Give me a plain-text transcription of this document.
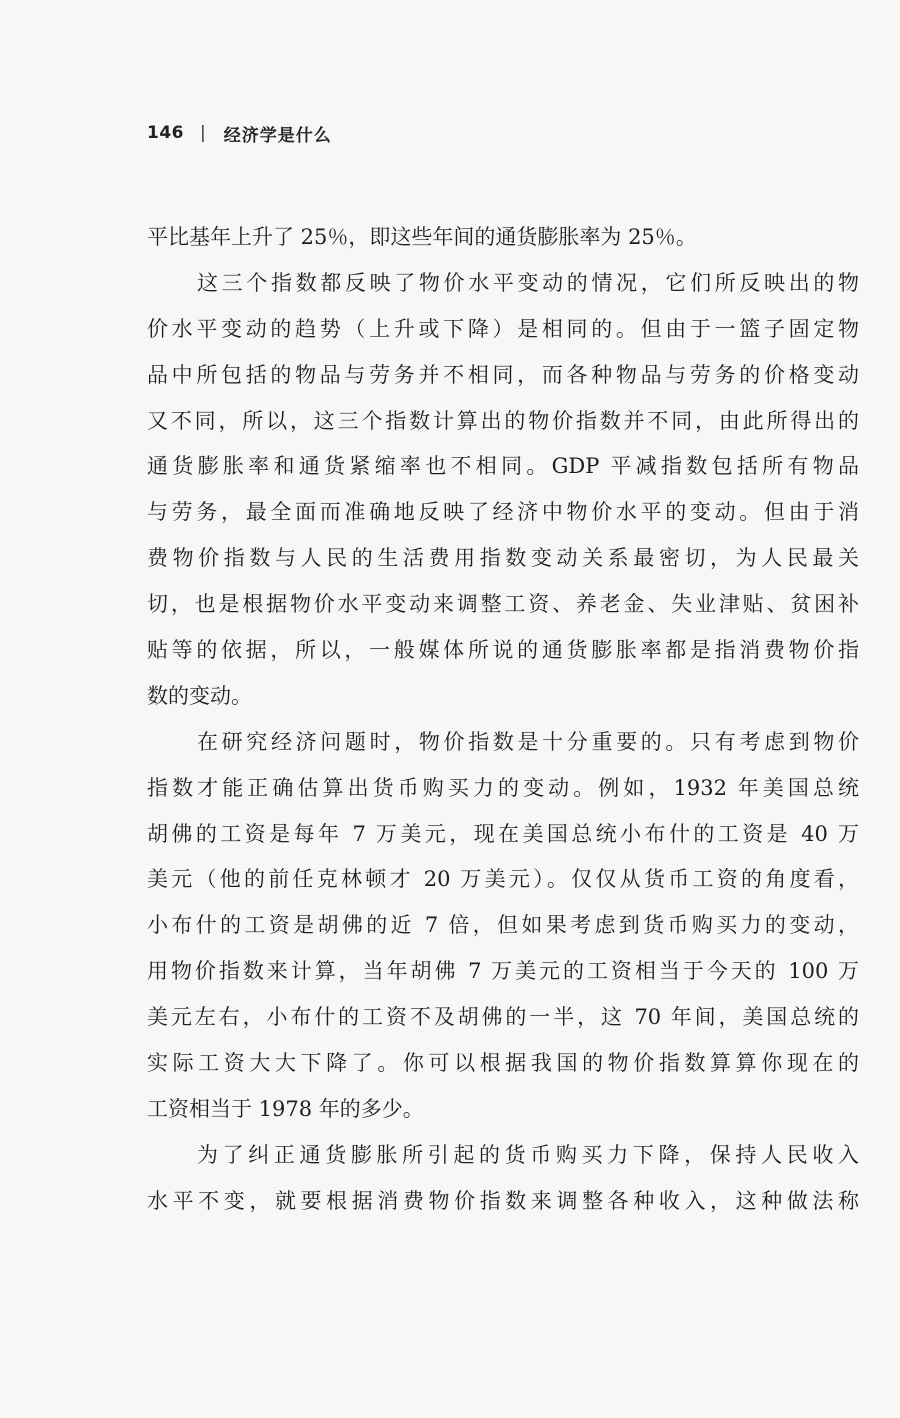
146 | 经济学是什么
平比基年上升了 25％，即这些年间的通货膨胀率为 25％。
这三个指数都反映了物价水平变动的情况，它们所反映出的物
价水平变动的趋势（上升或下降）是相同的。但由于一篮子固定物
品中所包括的物品与劳务并不相同，而各种物品与劳务的价格变动
又不同，所以，这三个指数计算出的物价指数并不同，由此所得出的
通货膨胀率和通货紧缩率也不相同。GDP 平减指数包括所有物品
与劳务，最全面而准确地反映了经济中物价水平的变动。但由于消
费物价指数与人民的生活费用指数变动关系最密切，为人民最关
切，也是根据物价水平变动来调整工资、养老金、失业津贴、贫困补
贴等的依据，所以，一般媒体所说的通货膨胀率都是指消费物价指
数的变动。
在研究经济问题时，物价指数是十分重要的。只有考虑到物价
指数才能正确估算出货币购买力的变动。例如，1932 年美国总统
胡佛的工资是每年 7 万美元，现在美国总统小布什的工资是 40 万
美元（他的前任克林顿才 20 万美元）。仅仅从货币工资的角度看，
小布什的工资是胡佛的近 7 倍，但如果考虑到货币购买力的变动，
用物价指数来计算，当年胡佛 7 万美元的工资相当于今天的 100 万
美元左右，小布什的工资不及胡佛的一半，这 70 年间，美国总统的
实际工资大大下降了。你可以根据我国的物价指数算算你现在的
工资相当于 1978 年的多少。
为了纠正通货膨胀所引起的货币购买力下降，保持人民收入
水平不变，就要根据消费物价指数来调整各种收入，这种做法称
